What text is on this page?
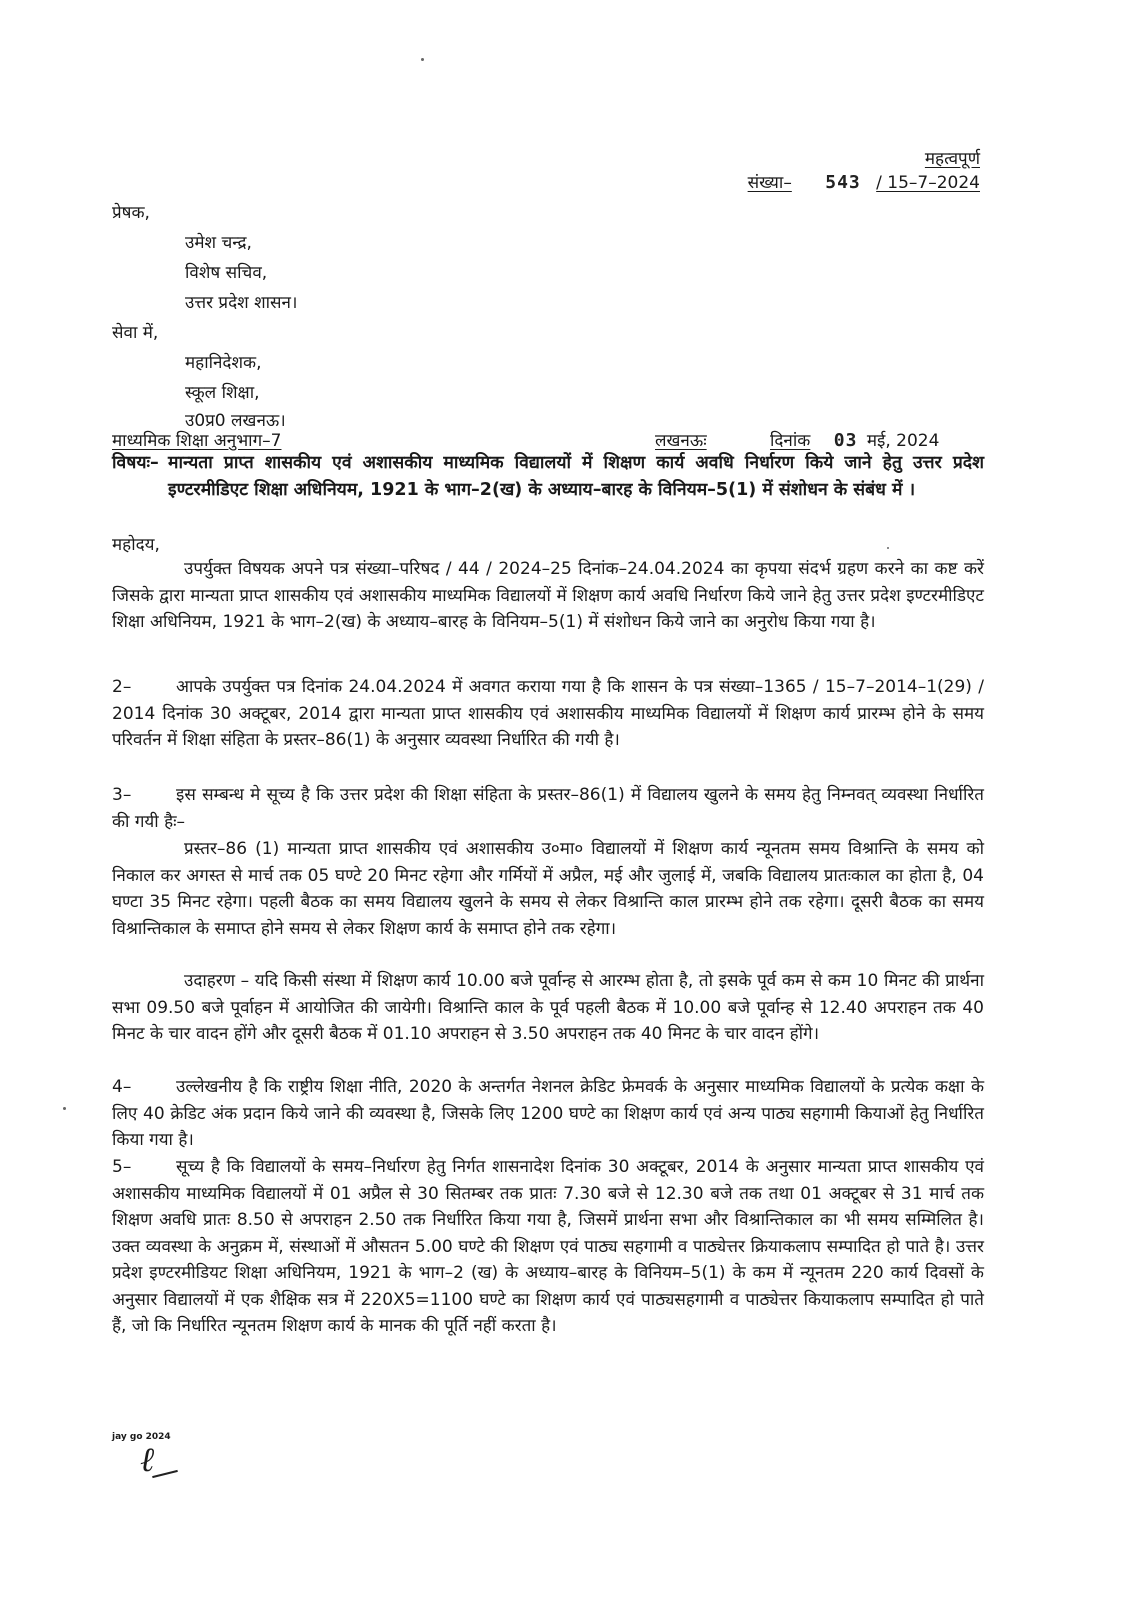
महत्वपूर्ण
संख्या– 543 / 15–7–2024
प्रेषक,
उमेश चन्द्र,
विशेष सचिव,
उत्तर प्रदेश शासन।
सेवा में,
महानिदेशक,
स्कूल शिक्षा,
उ0प्र0 लखनऊ।
माध्यमिक शिक्षा अनुभाग–7	लखनऊः	दिनांक 03 मई, 2024
विषयः– मान्यता प्राप्त शासकीय एवं अशासकीय माध्यमिक विद्यालयों में शिक्षण कार्य अवधि निर्धारण किये जाने हेतु उत्तर प्रदेश इण्टरमीडिएट शिक्षा अधिनियम, 1921 के भाग–2(ख) के अध्याय–बारह के विनियम–5(1) में संशोधन के संबंध में ।
महोदय,
उपर्युक्त विषयक अपने पत्र संख्या–परिषद / 44 / 2024–25 दिनांक–24.04.2024 का कृपया संदर्भ ग्रहण करने का कष्ट करें जिसके द्वारा मान्यता प्राप्त शासकीय एवं अशासकीय माध्यमिक विद्यालयों में शिक्षण कार्य अवधि निर्धारण किये जाने हेतु उत्तर प्रदेश इण्टरमीडिएट शिक्षा अधिनियम, 1921 के भाग–2(ख) के अध्याय–बारह के विनियम–5(1) में संशोधन किये जाने का अनुरोध किया गया है।
2–	आपके उपर्युक्त पत्र दिनांक 24.04.2024 में अवगत कराया गया है कि शासन के पत्र संख्या–1365 / 15–7–2014–1(29) / 2014 दिनांक 30 अक्टूबर, 2014 द्वारा मान्यता प्राप्त शासकीय एवं अशासकीय माध्यमिक विद्यालयों में शिक्षण कार्य प्रारम्भ होने के समय परिवर्तन में शिक्षा संहिता के प्रस्तर–86(1) के अनुसार व्यवस्था निर्धारित की गयी है।
3–	इस सम्बन्ध मे सूच्य है कि उत्तर प्रदेश की शिक्षा संहिता के प्रस्तर–86(1) में विद्यालय खुलने के समय हेतु निम्नवत् व्यवस्था निर्धारित की गयी हैः–
प्रस्तर–86 (1) मान्यता प्राप्त शासकीय एवं अशासकीय उ०मा० विद्यालयों में शिक्षण कार्य न्यूनतम समय विश्रान्ति के समय को निकाल कर अगस्त से मार्च तक 05 घण्टे 20 मिनट रहेगा और गर्मियों में अप्रैल, मई और जुलाई में, जबकि विद्यालय प्रातःकाल का होता है, 04 घण्टा 35 मिनट रहेगा। पहली बैठक का समय विद्यालय खुलने के समय से लेकर विश्रान्ति काल प्रारम्भ होने तक रहेगा। दूसरी बैठक का समय विश्रान्तिकाल के समाप्त होने समय से लेकर शिक्षण कार्य के समाप्त होने तक रहेगा।
उदाहरण – यदि किसी संस्था में शिक्षण कार्य 10.00 बजे पूर्वान्ह से आरम्भ होता है, तो इसके पूर्व कम से कम 10 मिनट की प्रार्थना सभा 09.50 बजे पूर्वाहन में आयोजित की जायेगी। विश्रान्ति काल के पूर्व पहली बैठक में 10.00 बजे पूर्वान्ह से 12.40 अपराहन तक 40 मिनट के चार वादन होंगे और दूसरी बैठक में 01.10 अपराहन से 3.50 अपराहन तक 40 मिनट के चार वादन होंगे।
4–	उल्लेखनीय है कि राष्ट्रीय शिक्षा नीति, 2020 के अन्तर्गत नेशनल क्रेडिट फ्रेमवर्क के अनुसार माध्यमिक विद्यालयों के प्रत्येक कक्षा के लिए 40 क्रेडिट अंक प्रदान किये जाने की व्यवस्था है, जिसके लिए 1200 घण्टे का शिक्षण कार्य एवं अन्य पाठ्य सहगामी कियाओं हेतु निर्धारित किया गया है।
5–	सूच्य है कि विद्यालयों के समय–निर्धारण हेतु निर्गत शासनादेश दिनांक 30 अक्टूबर, 2014 के अनुसार मान्यता प्राप्त शासकीय एवं अशासकीय माध्यमिक विद्यालयों में 01 अप्रैल से 30 सितम्बर तक प्रातः 7.30 बजे से 12.30 बजे तक तथा 01 अक्टूबर से 31 मार्च तक शिक्षण अवधि प्रातः 8.50 से अपराहन 2.50 तक निर्धारित किया गया है, जिसमें प्रार्थना सभा और विश्रान्तिकाल का भी समय सम्मिलित है। उक्त व्यवस्था के अनुक्रम में, संस्थाओं में औसतन 5.00 घण्टे की शिक्षण एवं पाठ्य सहगामी व पाठ्येत्तर क्रियाकलाप सम्पादित हो पाते है। उत्तर प्रदेश इण्टरमीडियट शिक्षा अधिनियम, 1921 के भाग–2 (ख) के अध्याय–बारह के विनियम–5(1) के कम में न्यूनतम 220 कार्य दिवसों के अनुसार विद्यालयों में एक शैक्षिक सत्र में 220X5=1100 घण्टे का शिक्षण कार्य एवं पाठ्यसहगामी व पाठ्येत्तर कियाकलाप सम्पादित हो पाते हैं, जो कि निर्धारित न्यूनतम शिक्षण कार्य के मानक की पूर्ति नहीं करता है।
jay go 2024
ℓ
